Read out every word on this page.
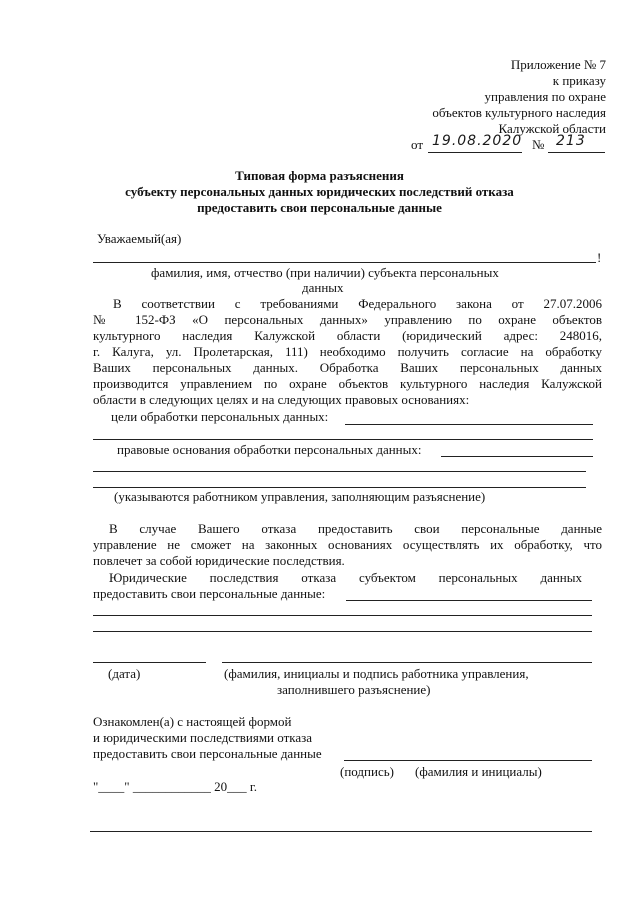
Приложение № 7
к приказу
управления по охране
объектов культурного наследия
Калужской области
от 19.08.2020 № 213
Типовая форма разъяснения
субъекту персональных данных юридических последствий отказа
предоставить свои персональные данные
Уважаемый(ая)
!
фамилия, имя, отчество (при наличии) субъекта персональных
данных
В соответствии с требованиями Федерального закона от 27.07.2006
№ 152-ФЗ «О персональных данных» управлению по охране объектов
культурного наследия Калужской области (юридический адрес: 248016,
г. Калуга, ул. Пролетарская, 111) необходимо получить согласие на обработку
Ваших персональных данных. Обработка Ваших персональных данных
производится управлением по охране объектов культурного наследия Калужской
области в следующих целях и на следующих правовых основаниях:
цели обработки персональных данных:
правовые основания обработки персональных данных:
(указываются работником управления, заполняющим разъяснение)
В случае Вашего отказа предоставить свои персональные данные
управление не сможет на законных основаниях осуществлять их обработку, что
повлечет за собой юридические последствия.
Юридические последствия отказа субъектом персональных данных
предоставить свои персональные данные:
(дата)	(фамилия, инициалы и подпись работника управления,
заполнившего разъяснение)
Ознакомлен(а) с настоящей формой
и юридическими последствиями отказа
предоставить свои персональные данные
(подпись) (фамилия и инициалы)
"____" ____________ 20___ г.
